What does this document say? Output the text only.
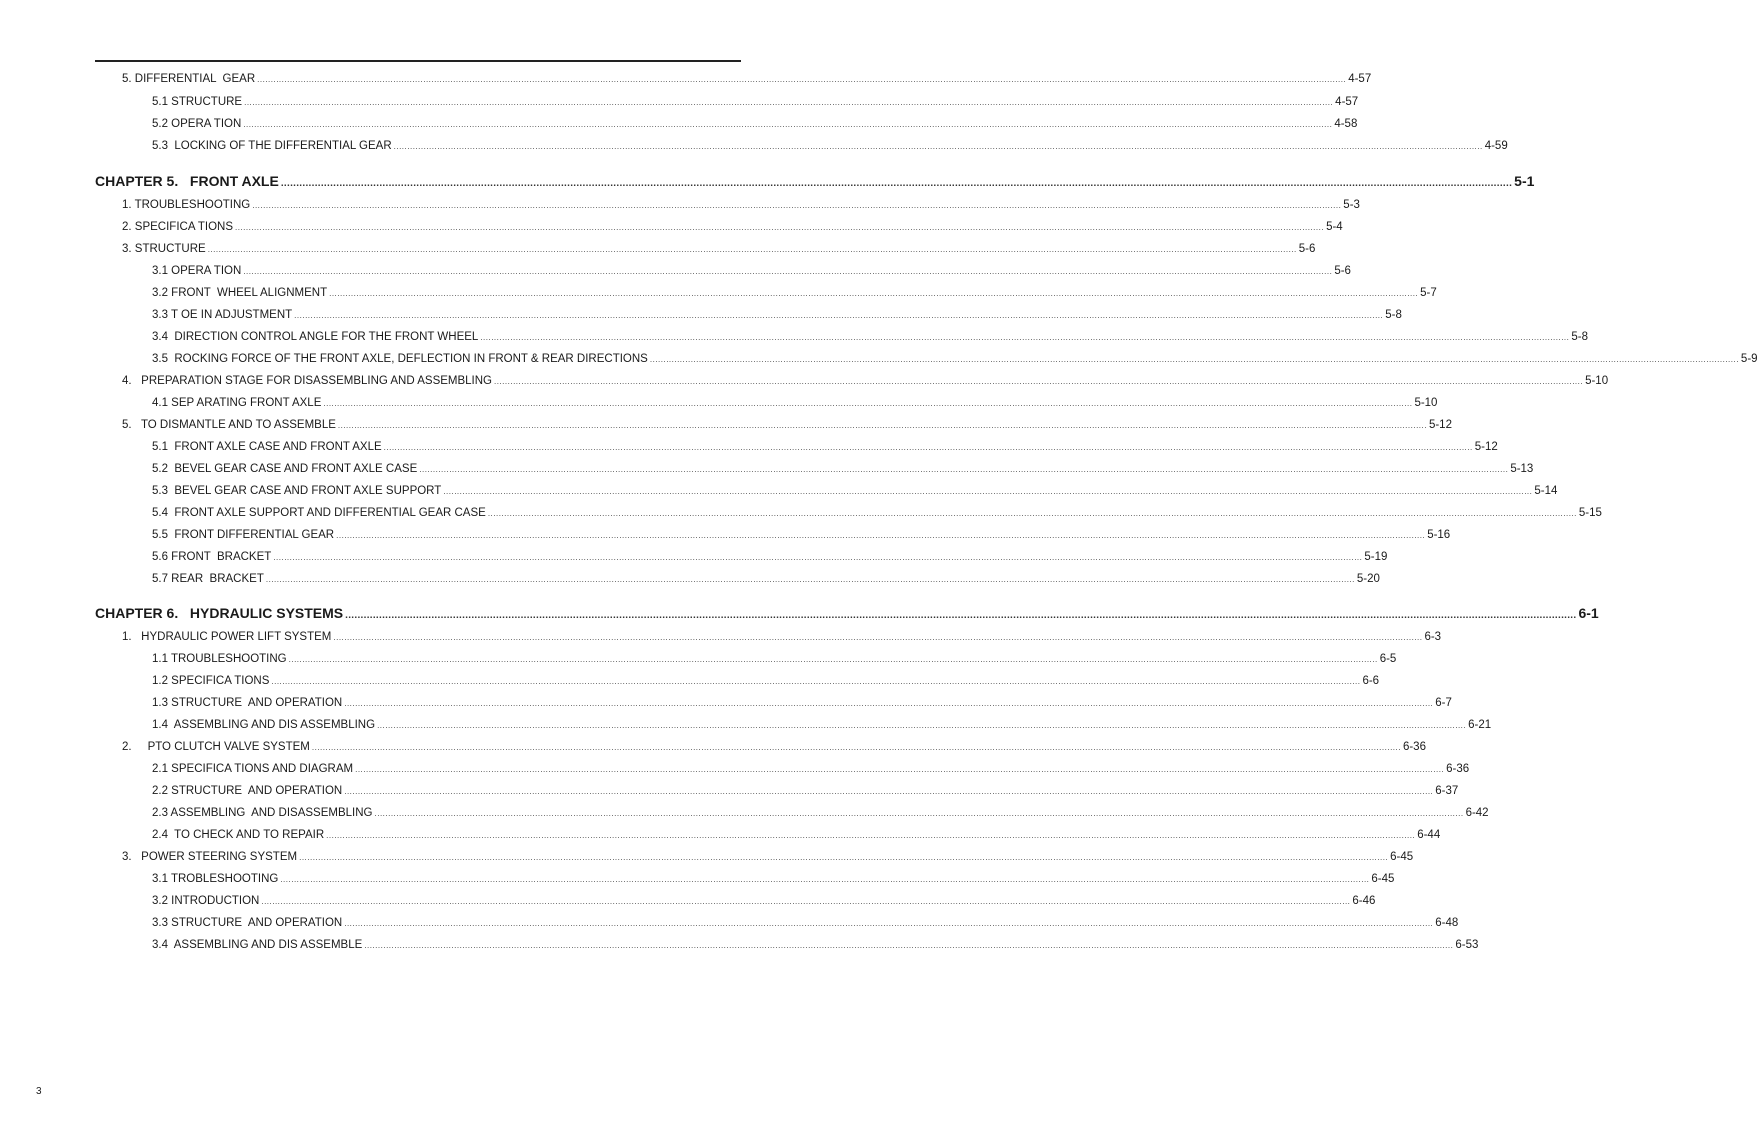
5. DIFFERENTIAL  GEAR ................................................................................................................................................................................................................................................................................................................................................................................................................ 4-57
5.1 STRUCTURE ................................................................................................................................................................................................................................................................................................................................................................................................................ 4-57
5.2 OPERA TION ................................................................................................................................................................................................................................................................................................................................................................................................................ 4-58
5.3  LOCKING OF THE DIFFERENTIAL GEAR ................................................................................................................................................................................................................................................................................................................................................................................................................ 4-59
CHAPTER 5.   FRONT AXLE ................................................................................................................................................................................................................................................................................................................................................................................................................ 5-1
1. TROUBLESHOOTING ................................................................................................................................................................................................................................................................................................................................................................................................................ 5-3
2. SPECIFICA TIONS ................................................................................................................................................................................................................................................................................................................................................................................................................ 5-4
3. STRUCTURE ................................................................................................................................................................................................................................................................................................................................................................................................................ 5-6
3.1 OPERA TION ................................................................................................................................................................................................................................................................................................................................................................................................................ 5-6
3.2 FRONT  WHEEL ALIGNMENT ................................................................................................................................................................................................................................................................................................................................................................................................................ 5-7
3.3 T OE IN ADJUSTMENT ................................................................................................................................................................................................................................................................................................................................................................................................................ 5-8
3.4  DIRECTION CONTROL ANGLE FOR THE FRONT WHEEL ................................................................................................................................................................................................................................................................................................................................................................................................................ 5-8
3.5  ROCKING FORCE OF THE FRONT AXLE, DEFLECTION IN FRONT & REAR DIRECTIONS ................................................................................................................................................................................................................................................................................................................................................................................................................ 5-9
4.   PREPARATION STAGE FOR DISASSEMBLING AND ASSEMBLING ................................................................................................................................................................................................................................................................................................................................................................................................................ 5-10
4.1 SEP ARATING FRONT AXLE ................................................................................................................................................................................................................................................................................................................................................................................................................ 5-10
5.   TO DISMANTLE AND TO ASSEMBLE ................................................................................................................................................................................................................................................................................................................................................................................................................ 5-12
5.1  FRONT AXLE CASE AND FRONT AXLE ................................................................................................................................................................................................................................................................................................................................................................................................................ 5-12
5.2  BEVEL GEAR CASE AND FRONT AXLE CASE ................................................................................................................................................................................................................................................................................................................................................................................................................ 5-13
5.3  BEVEL GEAR CASE AND FRONT AXLE SUPPORT ................................................................................................................................................................................................................................................................................................................................................................................................................ 5-14
5.4  FRONT AXLE SUPPORT AND DIFFERENTIAL GEAR CASE ................................................................................................................................................................................................................................................................................................................................................................................................................ 5-15
5.5  FRONT DIFFERENTIAL GEAR ................................................................................................................................................................................................................................................................................................................................................................................................................ 5-16
5.6 FRONT  BRACKET ................................................................................................................................................................................................................................................................................................................................................................................................................ 5-19
5.7 REAR  BRACKET ................................................................................................................................................................................................................................................................................................................................................................................................................ 5-20
CHAPTER 6.   HYDRAULIC SYSTEMS ................................................................................................................................................................................................................................................................................................................................................................................................................ 6-1
1.   HYDRAULIC POWER LIFT SYSTEM ................................................................................................................................................................................................................................................................................................................................................................................................................ 6-3
1.1 TROUBLESHOOTING ................................................................................................................................................................................................................................................................................................................................................................................................................ 6-5
1.2 SPECIFICA TIONS ................................................................................................................................................................................................................................................................................................................................................................................................................ 6-6
1.3 STRUCTURE  AND OPERATION ................................................................................................................................................................................................................................................................................................................................................................................................................ 6-7
1.4  ASSEMBLING AND DIS ASSEMBLING ................................................................................................................................................................................................................................................................................................................................................................................................................ 6-21
2.     PTO CLUTCH VALVE SYSTEM ................................................................................................................................................................................................................................................................................................................................................................................................................ 6-36
2.1 SPECIFICA TIONS AND DIAGRAM ................................................................................................................................................................................................................................................................................................................................................................................................................ 6-36
2.2 STRUCTURE  AND OPERATION ................................................................................................................................................................................................................................................................................................................................................................................................................ 6-37
2.3 ASSEMBLING  AND DISASSEMBLING ................................................................................................................................................................................................................................................................................................................................................................................................................ 6-42
2.4  TO CHECK AND TO REPAIR ................................................................................................................................................................................................................................................................................................................................................................................................................ 6-44
3.   POWER STEERING SYSTEM ................................................................................................................................................................................................................................................................................................................................................................................................................ 6-45
3.1 TROBLESHOOTING ................................................................................................................................................................................................................................................................................................................................................................................................................ 6-45
3.2 INTRODUCTION ................................................................................................................................................................................................................................................................................................................................................................................................................ 6-46
3.3 STRUCTURE  AND OPERATION ................................................................................................................................................................................................................................................................................................................................................................................................................ 6-48
3.4  ASSEMBLING AND DIS ASSEMBLE ................................................................................................................................................................................................................................................................................................................................................................................................................ 6-53
3
